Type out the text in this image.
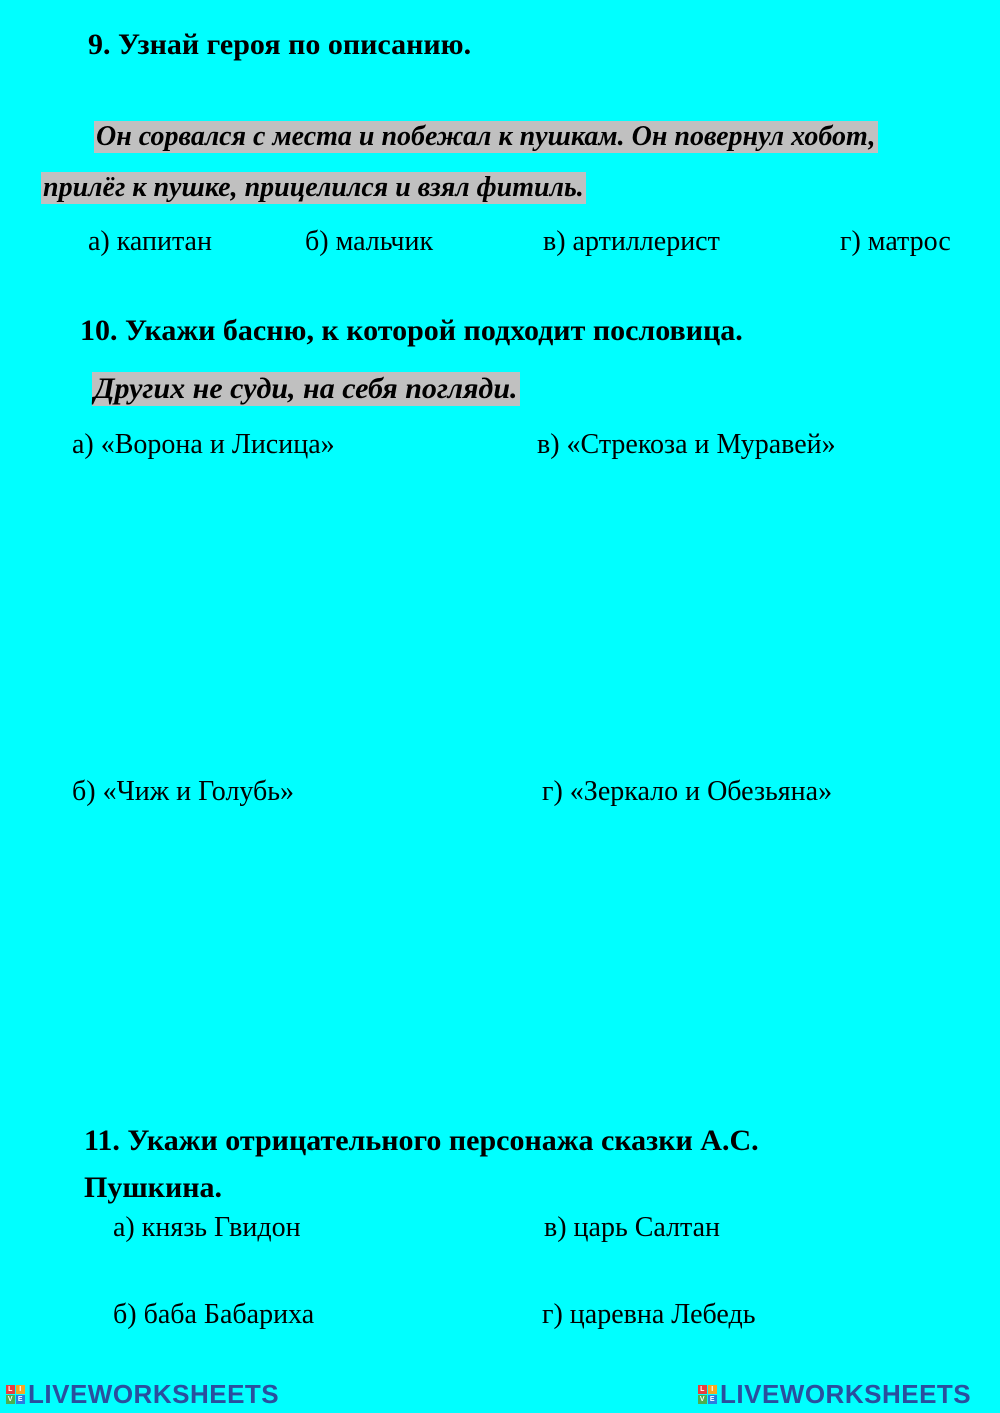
9. Узнай героя по описанию.
Он сорвался с места и побежал к пушкам. Он повернул хобот,
прилёг к пушке, прицелился и взял фитиль.
а) капитан	б) мальчик	в) артиллерист	г) матрос
10. Укажи басню, к которой подходит пословица.
Других не суди, на себя погляди.
а) «Ворона и Лисица»	в) «Стрекоза и Муравей»
б) «Чиж и Голубь»	г) «Зеркало и Обезьяна»
11. Укажи отрицательного персонажа сказки А.С.
Пушкина.
а) князь Гвидон	в) царь Салтан
б) баба Бабариха	г) царевна Лебедь
L I
V E LIVEWORKSHEETS	L I
V E LIVEWORKSHEETS
